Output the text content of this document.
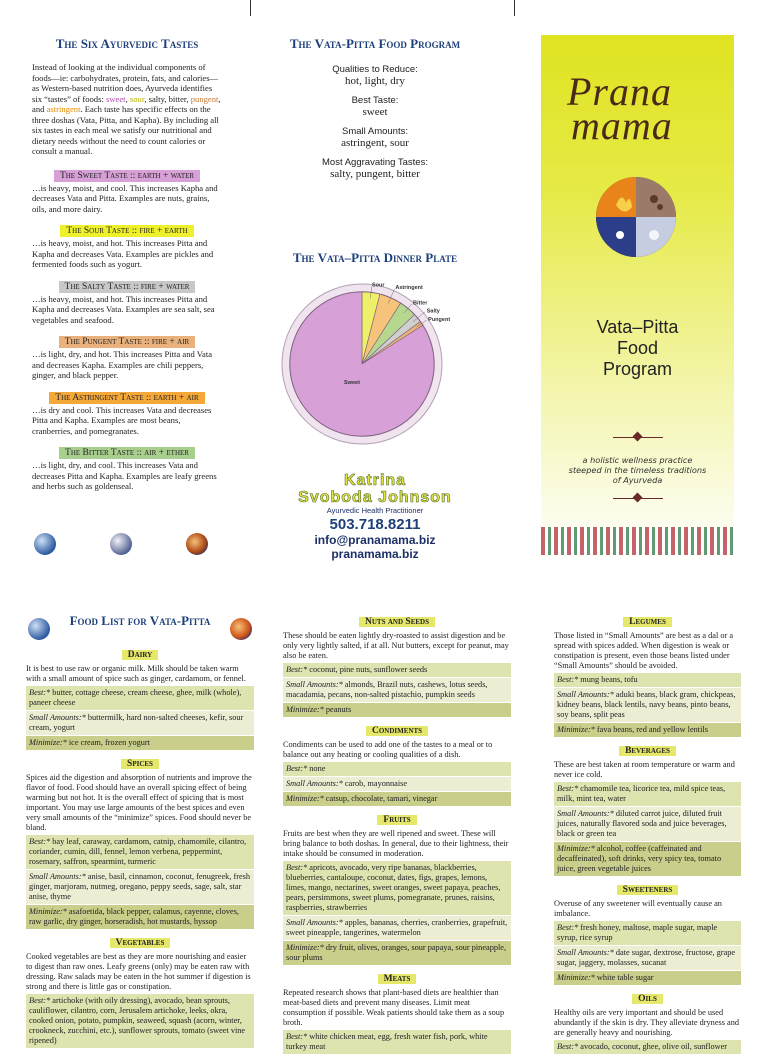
The Six Ayurvedic Tastes
Instead of looking at the individual components of foods—ie: carbohydrates, protein, fats, and calories—as Western-based nutrition does, Ayurveda identifies six “tastes” of foods: sweet, sour, salty, bitter, pungent, and astringent. Each taste has specific effects on the three doshas (Vata, Pitta, and Kapha). By including all six tastes in each meal we satisfy our nutritional and dietary needs without the need to count calories or consult a manual.
The Sweet Taste :: earth + water
…is heavy, moist, and cool. This increases Kapha and decreases Vata and Pitta. Examples are nuts, grains, oils, and more dairy.
The Sour Taste :: fire + earth
…is heavy, moist, and hot. This increases Pitta and Kapha and decreases Vata. Examples are pickles and fermented foods such as yogurt.
The Salty Taste :: fire + water
…is heavy, moist, and hot. This increases Pitta and Kapha and decreases Vata. Examples are sea salt, sea vegetables and seafood.
The Pungent Taste :: fire + air
…is light, dry, and hot. This increases Pitta and Vata and decreases Kapha. Examples are chili peppers, ginger, and black pepper.
The Astringent Taste :: earth + air
…is dry and cool. This increases Vata and decreases Pitta and Kapha. Examples are most beans, cranberries, and pomegranates.
The Bitter Taste :: air + ether
…is light, dry, and cool. This increases Vata and decreases Pitta and Kapha. Examples are leafy greens and herbs such as goldenseal.
The Vata-Pitta Food Program
Qualities to Reduce:
hot, light, dry
Best Taste:
sweet
Small Amounts:
astringent, sour
Most Aggravating Tastes:
salty, pungent, bitter
The Vata–Pitta Dinner Plate
Sour Astringent
Bitter
Salty
Pungent
Sweet
Katrina
Svoboda Johnson
Ayurvedic Health Practitioner
503.718.8211
info@pranamama.biz
pranamama.biz
Prana
mama
Vata–Pitta
Food
Program
a holistic wellness practice
steeped in the timeless traditions
of Ayurveda
Food List for Vata-Pitta
Dairy
It is best to use raw or organic milk. Milk should be taken warm with a small amount of spice such as ginger, cardamom, or fennel.
Best:* butter, cottage cheese, cream cheese, ghee, milk (whole), paneer cheese
Small Amounts:* buttermilk, hard non-salted cheeses, kefir, sour cream, yogurt
Minimize:* ice cream, frozen yogurt
Spices
Spices aid the digestion and absorption of nutrients and improve the flavor of food. Food should have an overall spicing effect of being warming but not hot. It is the overall effect of spicing that is most important. You may use large amounts of the best spices and even very small amounts of the “minimize” spices. Food should never be bland.
Best:* bay leaf, caraway, cardamom, catnip, chamomile, cilantro, coriander, cumin, dill, fennel, lemon verbena, peppermint, rosemary, saffron, spearmint, turmeric
Small Amounts:* anise, basil, cinnamon, coconut, fenugreek, fresh ginger, marjoram, nutmeg, oregano, peppy seeds, sage, salt, star anise, thyme
Minimize:* asafoetida, black pepper, calamus, cayenne, cloves, raw garlic, dry ginger, horseradish, hot mustards, hyssop
Vegetables
Cooked vegetables are best as they are more nourishing and easier to digest than raw ones. Leafy greens (only) may be eaten raw with dressing. Raw salads may be eaten in the hot summer if digestion is strong and there is little gas or constipation.
Best:* artichoke (with oily dressing), avocado, bean sprouts, cauliflower, cilantro, corn, Jerusalem artichoke, leeks, okra, cooked onion, potato, pumpkin, seaweed, squash (acorn, winter, crookneck, zucchini, etc.), sunflower sprouts, tomato (sweet vine ripened)
Nuts and Seeds
These should be eaten lightly dry-roasted to assist digestion and be only very lightly salted, if at all. Nut butters, except for peanut, may also be eaten.
Best:* coconut, pine nuts, sunflower seeds
Small Amounts:* almonds, Brazil nuts, cashews, lotus seeds, macadamia, pecans, non-salted pistachio, pumpkin seeds
Minimize:* peanuts
Condiments
Condiments can be used to add one of the tastes to a meal or to balance out any heating or cooling qualities of a dish.
Best:* none
Small Amounts:* carob, mayonnaise
Minimize:* catsup, chocolate, tamari, vinegar
Fruits
Fruits are best when they are well ripened and sweet. These will bring balance to both doshas. In general, due to their lightness, their intake should be consumed in moderation.
Best:* apricots, avocado, very ripe bananas, blackberries, blueberries, cantaloupe, coconut, dates, figs, grapes, lemons, limes, mango, nectarines, sweet oranges, sweet papaya, peaches, pears, persimmons, sweet plums, pomegranate, prunes, raisins, raspberries, strawberries
Small Amounts:* apples, bananas, cherries, cranberries, grapefruit, sweet pineapple, tangerines, watermelon
Minimize:* dry fruit, olives, oranges, sour papaya, sour pineapple, sour plums
Meats
Repeated research shows that plant-based diets are healthier than meat-based diets and prevent many diseases. Limit meat consumption if possible. Weak patients should take them as a soup broth.
Best:* white chicken meat, egg, fresh water fish, pork, white turkey meat
Legumes
Those listed in “Small Amounts” are best as a dal or a spread with spices added. When digestion is weak or constipation is present, even those beans listed under “Small Amounts” should be avoided.
Best:* mung beans, tofu
Small Amounts:* aduki beans, black gram, chickpeas, kidney beans, black lentils, navy beans, pinto beans, soy beans, split peas
Minimize:* fava beans, red and yellow lentils
Beverages
These are best taken at room temperature or warm and never ice cold.
Best:* chamomile tea, licorice tea, mild spice teas, milk, mint tea, water
Small Amounts:* diluted carrot juice, diluted fruit juices, naturally flavored soda and juice beverages, black or green tea
Minimize:* alcohol, coffee (caffeinated and decaffeinated), soft drinks, very spicy tea, tomato juice, green vegetable juices
Sweeteners
Overuse of any sweetener will eventually cause an imbalance.
Best:* fresh honey, maltose, maple sugar, maple syrup, rice syrup
Small Amounts:* date sugar, dextrose, fructose, grape sugar, jaggery, molasses, sucanat
Minimize:* white table sugar
Oils
Healthy oils are very important and should be used abundantly if the skin is dry. They alleviate dryness and are generally heavy and nourishing.
Best:* avocado, coconut, ghee, olive oil, sunflower
